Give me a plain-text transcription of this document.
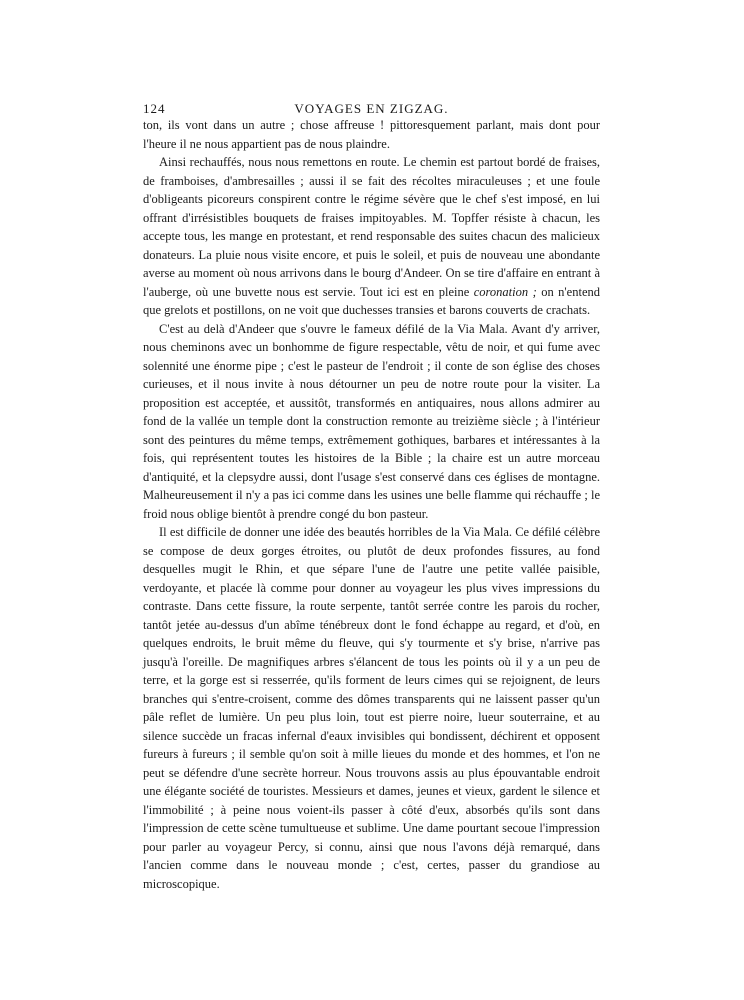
124	VOYAGES EN ZIGZAG.

ton, ils vont dans un autre ; chose affreuse ! pittoresquement parlant, mais dont pour l'heure il ne nous appartient pas de nous plaindre.

Ainsi rechauffés, nous nous remettons en route. Le chemin est partout bordé de fraises, de framboises, d'ambresailles ; aussi il se fait des récoltes miraculeuses ; et une foule d'obligeants picoreurs conspirent contre le régime sévère que le chef s'est imposé, en lui offrant d'irrésistibles bouquets de fraises impitoyables. M. Topffer résiste à chacun, les accepte tous, les mange en protestant, et rend responsable des suites chacun des malicieux donateurs. La pluie nous visite encore, et puis le soleil, et puis de nouveau une abondante averse au moment où nous arrivons dans le bourg d'Andeer. On se tire d'affaire en entrant à l'auberge, où une buvette nous est servie. Tout ici est en pleine coronation ; on n'entend que grelots et postillons, on ne voit que duchesses transies et barons couverts de crachats.

C'est au delà d'Andeer que s'ouvre le fameux défilé de la Via Mala. Avant d'y arriver, nous cheminons avec un bonhomme de figure respectable, vêtu de noir, et qui fume avec solennité une énorme pipe ; c'est le pasteur de l'endroit ; il conte de son église des choses curieuses, et il nous invite à nous détourner un peu de notre route pour la visiter. La proposition est acceptée, et aussitôt, transformés en antiquaires, nous allons admirer au fond de la vallée un temple dont la construction remonte au treizième siècle ; à l'intérieur sont des peintures du même temps, extrêmement gothiques, barbares et intéressantes à la fois, qui représentent toutes les histoires de la Bible ; la chaire est un autre morceau d'antiquité, et la clepsydre aussi, dont l'usage s'est conservé dans ces églises de montagne. Malheureusement il n'y a pas ici comme dans les usines une belle flamme qui réchauffe ; le froid nous oblige bientôt à prendre congé du bon pasteur.

Il est difficile de donner une idée des beautés horribles de la Via Mala. Ce défilé célèbre se compose de deux gorges étroites, ou plutôt de deux profondes fissures, au fond desquelles mugit le Rhin, et que sépare l'une de l'autre une petite vallée paisible, verdoyante, et placée là comme pour donner au voyageur les plus vives impressions du contraste. Dans cette fissure, la route serpente, tantôt serrée contre les parois du rocher, tantôt jetée au-dessus d'un abîme ténébreux dont le fond échappe au regard, et d'où, en quelques endroits, le bruit même du fleuve, qui s'y tourmente et s'y brise, n'arrive pas jusqu'à l'oreille. De magnifiques arbres s'élancent de tous les points où il y a un peu de terre, et la gorge est si resserrée, qu'ils forment de leurs cimes qui se rejoignent, de leurs branches qui s'entre-croisent, comme des dômes transparents qui ne laissent passer qu'un pâle reflet de lumière. Un peu plus loin, tout est pierre noire, lueur souterraine, et au silence succède un fracas infernal d'eaux invisibles qui bondissent, déchirent et opposent fureurs à fureurs ; il semble qu'on soit à mille lieues du monde et des hommes, et l'on ne peut se défendre d'une secrète horreur. Nous trouvons assis au plus épouvantable endroit une élégante société de touristes. Messieurs et dames, jeunes et vieux, gardent le silence et l'immobilité ; à peine nous voient-ils passer à côté d'eux, absorbés qu'ils sont dans l'impression de cette scène tumultueuse et sublime. Une dame pourtant secoue l'impression pour parler au voyageur Percy, si connu, ainsi que nous l'avons déjà remarqué, dans l'ancien comme dans le nouveau monde ; c'est, certes, passer du grandiose au microscopique.
